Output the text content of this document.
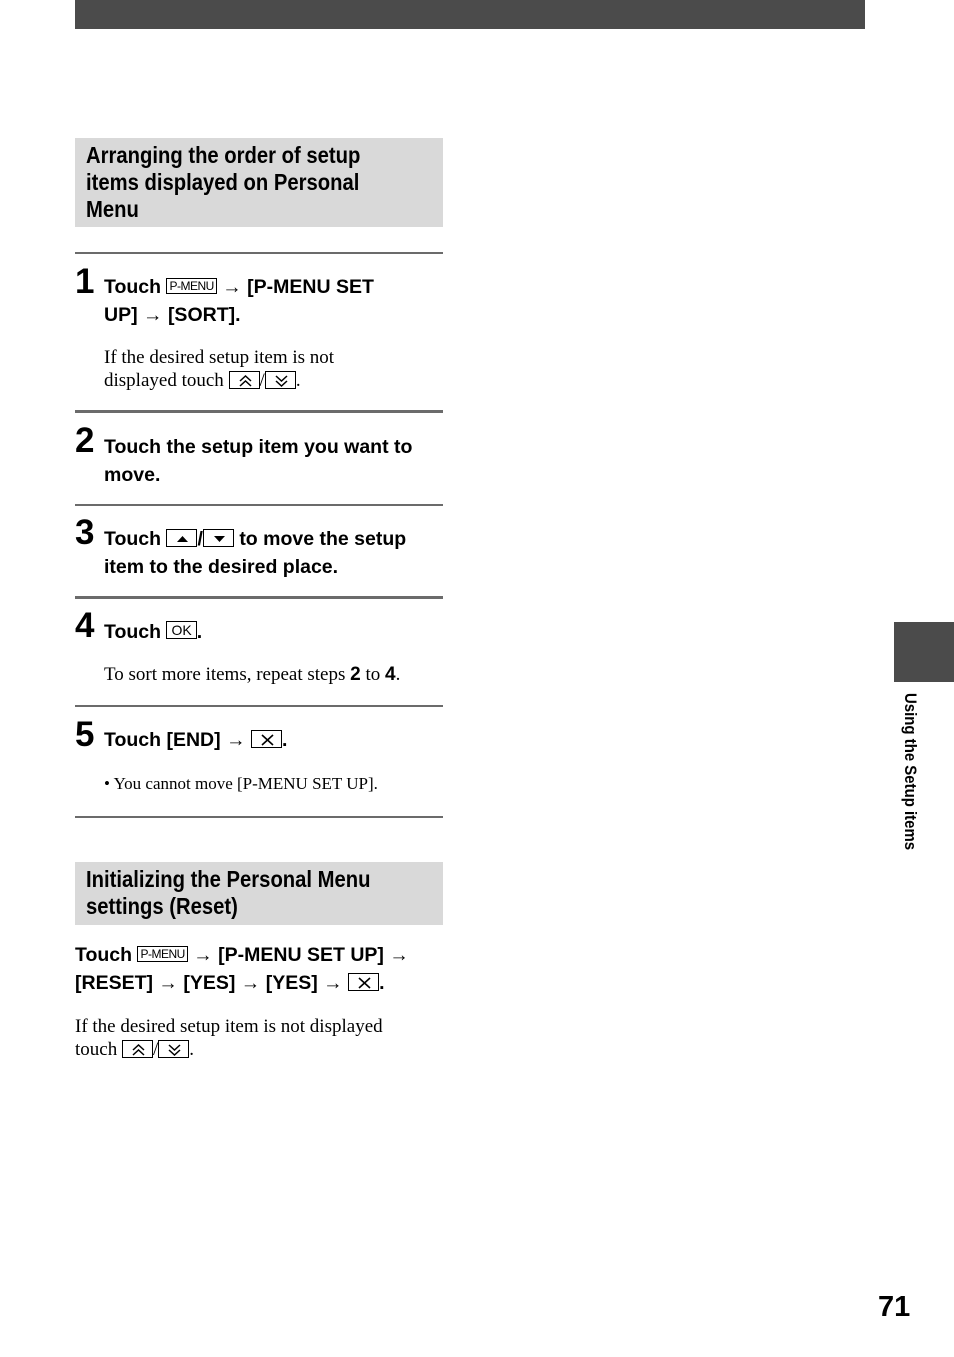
Arranging the order of setup
items displayed on Personal
Menu
1 Touch P-MENU → [P-MENU SET
UP] → [SORT].
If the desired setup item is not
displayed touch / .
2 Touch the setup item you want to
move.
3 Touch / to move the setup
item to the desired place.
4 Touch OK .
To sort more items, repeat steps 2 to 4.
5 Touch [END] → .
• You cannot move [P-MENU SET UP].
Initializing the Personal Menu
settings (Reset)
Touch P-MENU → [P-MENU SET UP] →
[RESET] → [YES] → [YES] → .
If the desired setup item is not displayed
touch / .
Using the Setup items
71
